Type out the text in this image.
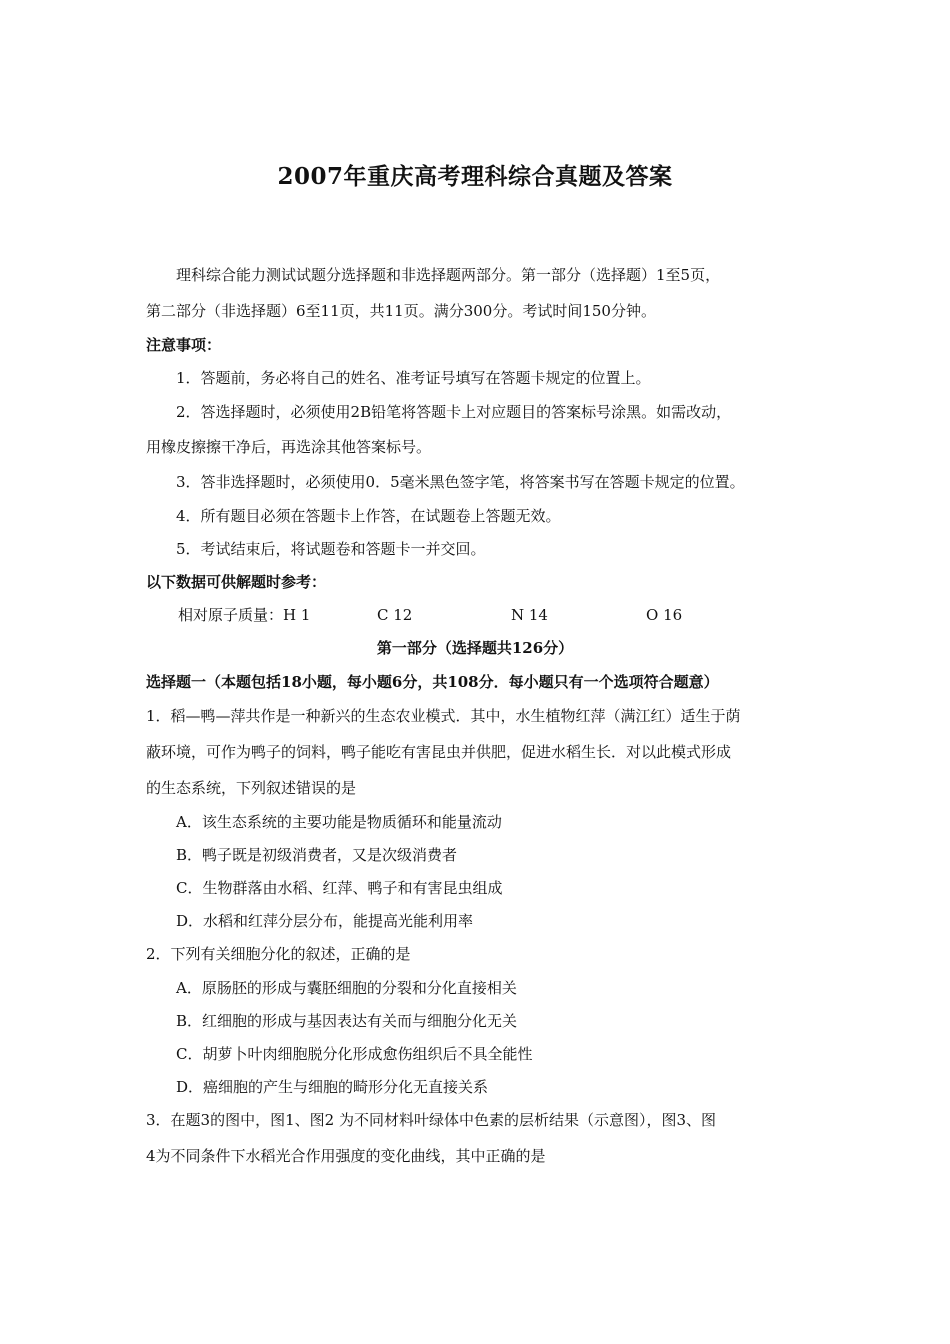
2007年重庆高考理科综合真题及答案
理科综合能力测试试题分选择题和非选择题两部分。第一部分（选择题）1至5页，
第二部分（非选择题）6至11页，共11页。满分300分。考试时间150分钟。
注意事项：
1．答题前，务必将自己的姓名、准考证号填写在答题卡规定的位置上。
2．答选择题时，必须使用2B铅笔将答题卡上对应题目的答案标号涂黑。如需改动，
用橡皮擦擦干净后，再选涂其他答案标号。
3．答非选择题时，必须使用0．5毫米黑色签字笔，将答案书写在答题卡规定的位置。
4．所有题目必须在答题卡上作答，在试题卷上答题无效。
5．考试结束后，将试题卷和答题卡一并交回。
以下数据可供解题时参考：
相对原子质量：H 1	C 12	N 14	O 16
第一部分（选择题共126分）
选择题一（本题包括18小题，每小题6分，共108分．每小题只有一个选项符合题意）
1．稻—鸭—萍共作是一种新兴的生态农业模式．其中，水生植物红萍（满江红）适生于荫
蔽环境，可作为鸭子的饲料，鸭子能吃有害昆虫并供肥，促进水稻生长．对以此模式形成
的生态系统，下列叙述错误的是
A．该生态系统的主要功能是物质循环和能量流动
B．鸭子既是初级消费者，又是次级消费者
C．生物群落由水稻、红萍、鸭子和有害昆虫组成
D．水稻和红萍分层分布，能提高光能利用率
2．下列有关细胞分化的叙述，正确的是
A．原肠胚的形成与囊胚细胞的分裂和分化直接相关
B．红细胞的形成与基因表达有关而与细胞分化无关
C．胡萝卜叶肉细胞脱分化形成愈伤组织后不具全能性
D．癌细胞的产生与细胞的畸形分化无直接关系
3．在题3的图中，图1、图2 为不同材料叶绿体中色素的层析结果（示意图），图3、图
4为不同条件下水稻光合作用强度的变化曲线，其中正确的是
